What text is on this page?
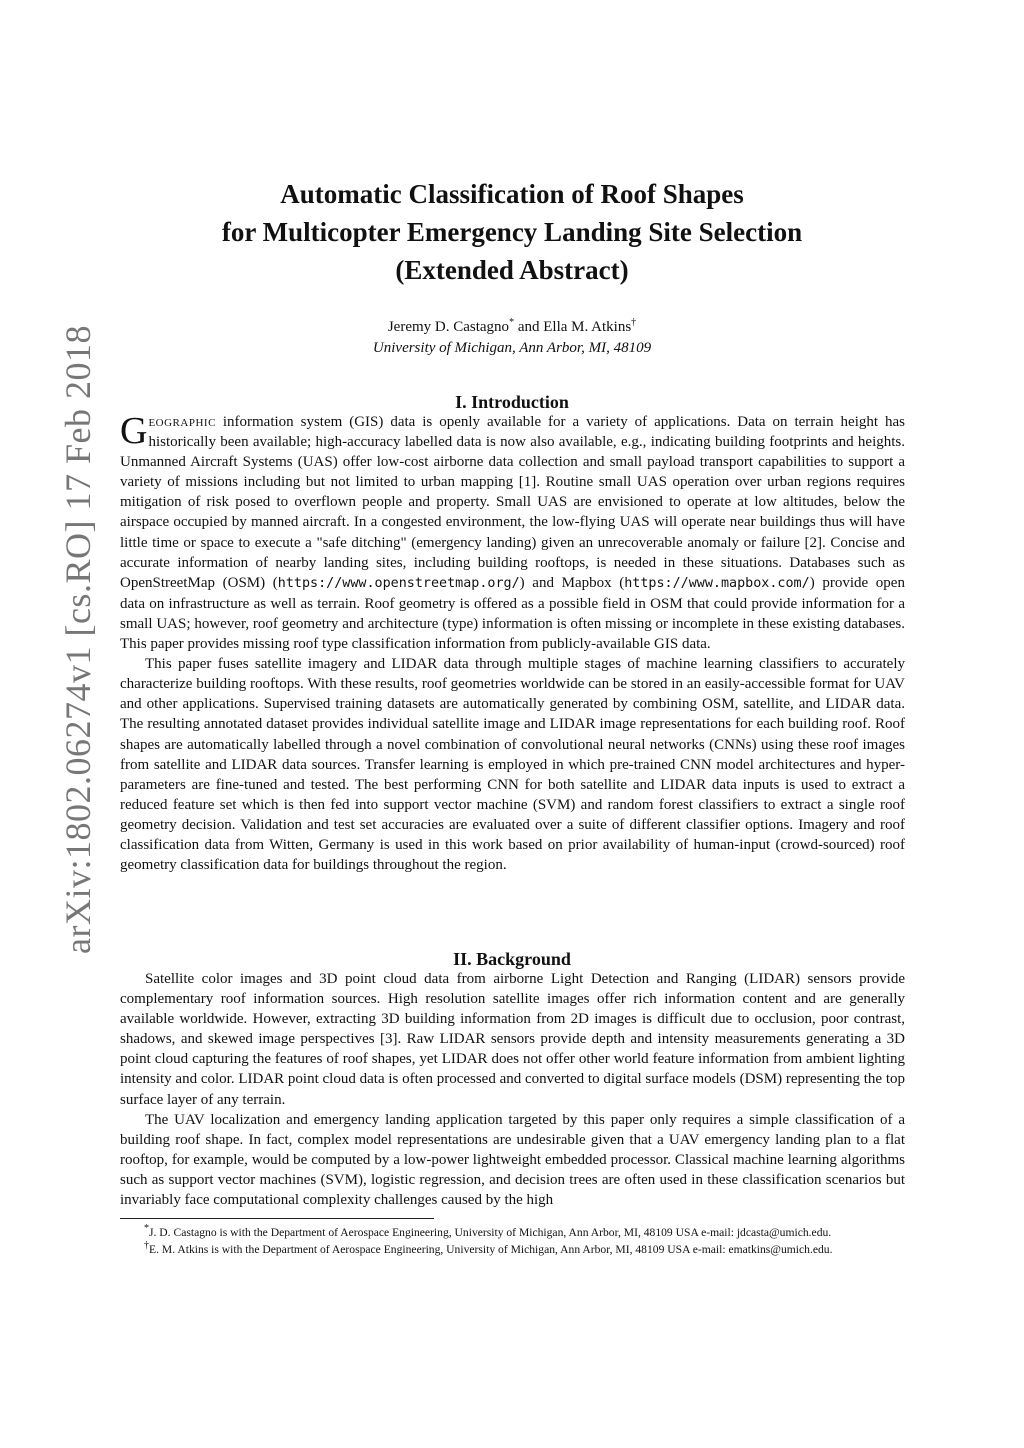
arXiv:1802.06274v1 [cs.RO] 17 Feb 2018
Automatic Classification of Roof Shapes
for Multicopter Emergency Landing Site Selection
(Extended Abstract)
Jeremy D. Castagno* and Ella M. Atkins†
University of Michigan, Ann Arbor, MI, 48109
I. Introduction

Geographic information system (GIS) data is openly available for a variety of applications. Data on terrain height has historically been available; high-accuracy labelled data is now also available, e.g., indicating building footprints and heights. Unmanned Aircraft Systems (UAS) offer low-cost airborne data collection and small payload transport capabilities to support a variety of missions including but not limited to urban mapping [1]. Routine small UAS operation over urban regions requires mitigation of risk posed to overflown people and property. Small UAS are envisioned to operate at low altitudes, below the airspace occupied by manned aircraft. In a congested environment, the low-flying UAS will operate near buildings thus will have little time or space to execute a "safe ditching" (emergency landing) given an unrecoverable anomaly or failure [2]. Concise and accurate information of nearby landing sites, including building rooftops, is needed in these situations. Databases such as OpenStreetMap (OSM) (https://www.openstreetmap.org/) and Mapbox (https://www.mapbox.com/) provide open data on infrastructure as well as terrain. Roof geometry is offered as a possible field in OSM that could provide information for a small UAS; however, roof geometry and architecture (type) information is often missing or incomplete in these existing databases. This paper provides missing roof type classification information from publicly-available GIS data.

This paper fuses satellite imagery and LIDAR data through multiple stages of machine learning classifiers to accurately characterize building rooftops. With these results, roof geometries worldwide can be stored in an easily-accessible format for UAV and other applications. Supervised training datasets are automatically generated by combining OSM, satellite, and LIDAR data. The resulting annotated dataset provides individual satellite image and LIDAR image representations for each building roof. Roof shapes are automatically labelled through a novel combination of convolutional neural networks (CNNs) using these roof images from satellite and LIDAR data sources. Transfer learning is employed in which pre-trained CNN model architectures and hyper-parameters are fine-tuned and tested. The best performing CNN for both satellite and LIDAR data inputs is used to extract a reduced feature set which is then fed into support vector machine (SVM) and random forest classifiers to extract a single roof geometry decision. Validation and test set accuracies are evaluated over a suite of different classifier options. Imagery and roof classification data from Witten, Germany is used in this work based on prior availability of human-input (crowd-sourced) roof geometry classification data for buildings throughout the region.

II. Background

Satellite color images and 3D point cloud data from airborne Light Detection and Ranging (LIDAR) sensors provide complementary roof information sources. High resolution satellite images offer rich information content and are generally available worldwide. However, extracting 3D building information from 2D images is difficult due to occlusion, poor contrast, shadows, and skewed image perspectives [3]. Raw LIDAR sensors provide depth and intensity measurements generating a 3D point cloud capturing the features of roof shapes, yet LIDAR does not offer other world feature information from ambient lighting intensity and color. LIDAR point cloud data is often processed and converted to digital surface models (DSM) representing the top surface layer of any terrain.

The UAV localization and emergency landing application targeted by this paper only requires a simple classification of a building roof shape. In fact, complex model representations are undesirable given that a UAV emergency landing plan to a flat rooftop, for example, would be computed by a low-power lightweight embedded processor. Classical machine learning algorithms such as support vector machines (SVM), logistic regression, and decision trees are often used in these classification scenarios but invariably face computational complexity challenges caused by the high

*J. D. Castagno is with the Department of Aerospace Engineering, University of Michigan, Ann Arbor, MI, 48109 USA e-mail: jdcasta@umich.edu.
†E. M. Atkins is with the Department of Aerospace Engineering, University of Michigan, Ann Arbor, MI, 48109 USA e-mail: ematkins@umich.edu.
